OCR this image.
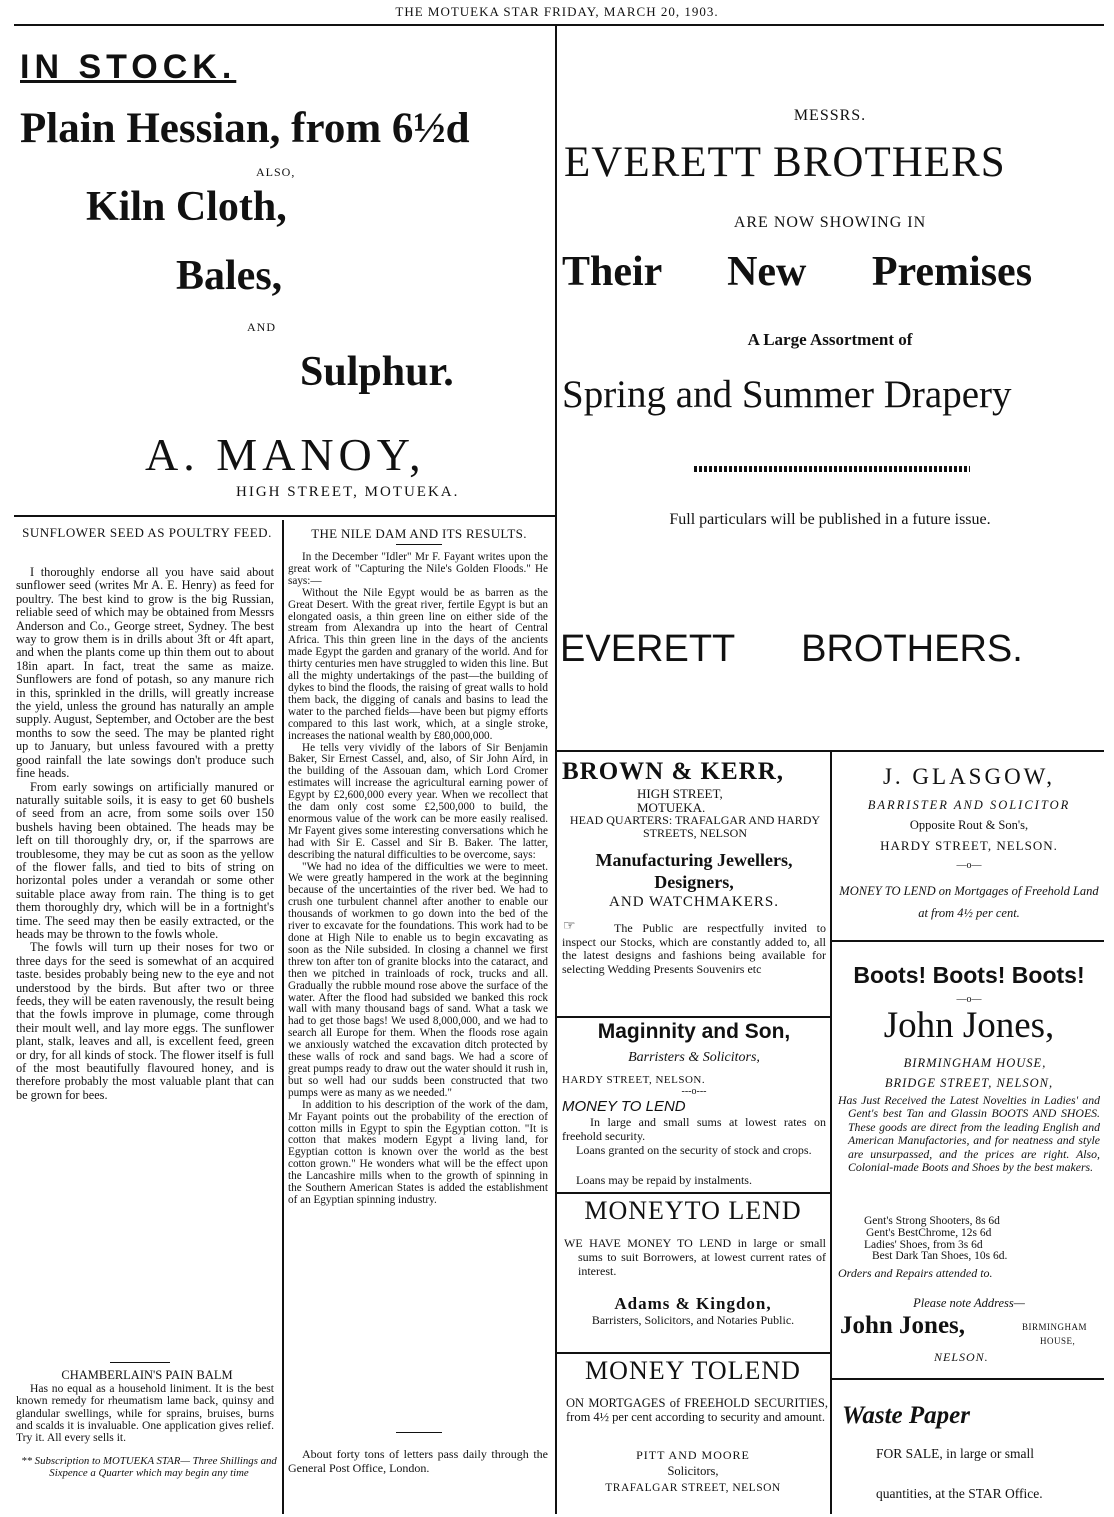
THE MOTUEKA STAR FRIDAY, MARCH 20, 1903.
IN STOCK.
Plain Hessian, from 6½d
ALSO,
Kiln Cloth,
Bales,
AND
Sulphur.
A. MANOY,
HIGH STREET, MOTUEKA.
MESSRS.
EVERETT BROTHERS
ARE NOW SHOWING IN
Their New Premises
A Large Assortment of
Spring and Summer Drapery
Full particulars will be published in a future issue.
EVERETT BROTHERS.
SUNFLOWER SEED AS POULTRY FEED.

I thoroughly endorse all you have said about sunflower seed (writes Mr A. E. Henry) as feed for poultry. The best kind to grow is the big Russian, reliable seed of which may be obtained from Messrs Anderson and Co., George street, Sydney. The best way to grow them is in drills about 3ft or 4ft apart, and when the plants come up thin them out to about 18in apart. In fact, treat the same as maize. Sunflowers are fond of potash, so any manure rich in this, sprinkled in the drills, will greatly increase the yield, unless the ground has naturally an ample supply. August, September, and October are the best months to sow the seed. The may be planted right up to January, but unless favoured with a pretty good rainfall the late sowings don't produce such fine heads.

From early sowings on artificially manured or naturally suitable soils, it is easy to get 60 bushels of seed from an acre, from some soils over 150 bushels having been obtained. The heads may be left on till thoroughly dry, or, if the sparrows are troublesome, they may be cut as soon as the yellow of the flower falls, and tied to bits of string on horizontal poles under a verandah or some other suitable place away from rain. The thing is to get them thoroughly dry, which will be in a fortnight's time. The seed may then be easily extracted, or the heads may be thrown to the fowls whole.

The fowls will turn up their noses for two or three days for the seed is somewhat of an acquired taste. besides probably being new to the eye and not understood by the birds. But after two or three feeds, they will be eaten ravenously, the result being that the fowls improve in plumage, come through their moult well, and lay more eggs. The sunflower plant, stalk, leaves and all, is excellent feed, green or dry, for all kinds of stock. The flower itself is full of the most beautifully flavoured honey, and is therefore probably the most valuable plant that can be grown for bees.

CHAMBERLAIN'S PAIN BALM

Has no equal as a household liniment. It is the best known remedy for rheumatism lame back, quinsy and glandular swellings, while for sprains, bruises, burns and scalds it is invaluable. One application gives relief. Try it. All every sells it.

** Subscription to MOTUEKA STAR— Three Shillings and Sixpence a Quarter which may begin any time
THE NILE DAM AND ITS RESULTS.

In the December "Idler" Mr F. Fayant writes upon the great work of "Capturing the Nile's Golden Floods." He says:—

Without the Nile Egypt would be as barren as the Great Desert. With the great river, fertile Egypt is but an elongated oasis, a thin green line on either side of the stream from Alexandra up into the heart of Central Africa. This thin green line in the days of the ancients made Egypt the garden and granary of the world. And for thirty centuries men have struggled to widen this line. But all the mighty undertakings of the past—the building of dykes to bind the floods, the raising of great walls to hold them back, the digging of canals and basins to lead the water to the parched fields—have been but pigmy efforts compared to this last work, which, at a single stroke, increases the national wealth by £80,000,000.

He tells very vividly of the labors of Sir Benjamin Baker, Sir Ernest Cassel, and, also, of Sir John Aird, in the building of the Assouan dam, which Lord Cromer estimates will increase the agricultural earning power of Egypt by £2,600,000 every year. When we recollect that the dam only cost some £2,500,000 to build, the enormous value of the work can be more easily realised. Mr Fayent gives some interesting conversations which he had with Sir E. Cassel and Sir B. Baker. The latter, describing the natural difficulties to be overcome, says:

"We had no idea of the difficulties we were to meet. We were greatly hampered in the work at the beginning because of the uncertainties of the river bed. We had to crush one turbulent channel after another to enable our thousands of workmen to go down into the bed of the river to excavate for the foundations. This work had to be done at High Nile to enable us to begin excavating as soon as the Nile subsided. In closing a channel we first threw ton after ton of granite blocks into the cataract, and then we pitched in trainloads of rock, trucks and all. Gradually the rubble mound rose above the surface of the water. After the flood had subsided we banked this rock wall with many thousand bags of sand. What a task we had to get those bags! We used 8,000,000, and we had to search all Europe for them. When the floods rose again we anxiously watched the excavation ditch protected by these walls of rock and sand bags. We had a score of great pumps ready to draw out the water should it rush in, but so well had our sudds been constructed that two pumps were as many as we needed."

In addition to his description of the work of the dam, Mr Fayant points out the probability of the erection of cotton mills in Egypt to spin the Egyptian cotton. "It is cotton that makes modern Egypt a living land, for Egyptian cotton is known over the world as the best cotton grown." He wonders what will be the effect upon the Lancashire mills when to the growth of spinning in the Southern American States is added the establishment of an Egyptian spinning industry.

About forty tons of letters pass daily through the General Post Office, London.

BROWN & KERR,
HIGH STREET,
MOTUEKA.
HEAD QUARTERS: TRAFALGAR AND HARDY STREETS, NELSON
Manufacturing Jewellers,
Designers,
AND WATCHMAKERS.
☞	The Public are respectfully invited to inspect our Stocks, which are constantly added to, all the latest designs and fashions being available for selecting Wedding Presents Souvenirs etc
Maginnity and Son,
Barristers & Solicitors,
HARDY STREET, NELSON.
---o---
MONEY TO LEND
In large and small sums at lowest rates on freehold security.
Loans granted on the security of stock and crops.
Loans may be repaid by instalments.
MONEYTO LEND
WE HAVE MONEY TO LEND in large or small sums to suit Borrowers, at lowest current rates of interest.
Adams & Kingdon,
Barristers, Solicitors, and Notaries Public.
MONEY TOLEND
ON MORTGAGES of FREEHOLD SECURITIES, from 4½ per cent according to security and amount.
PITT AND MOORE
Solicitors,
TRAFALGAR STREET, NELSON
J. GLASGOW,
BARRISTER AND SOLICITOR
Opposite Rout & Son's,
HARDY STREET, NELSON.
—o—
MONEY TO LEND on Mortgages of Freehold Land at from 4½ per cent.
Boots! Boots! Boots!
—o—
John Jones,
BIRMINGHAM HOUSE,
BRIDGE STREET, NELSON,
Has Just Received the Latest Novelties in Ladies' and Gent's best Tan and Glassin BOOTS AND SHOES. These goods are direct from the leading English and American Manufactories, and for neatness and style are unsurpassed, and the prices are right. Also, Colonial-made Boots and Shoes by the best makers.
Gent's Strong Shooters, 8s 6d
Gent's BestChrome, 12s 6d
Ladies' Shoes, from 3s 6d
Best Dark Tan Shoes, 10s 6d.
Orders and Repairs attended to.
Please note Address—
John Jones,	BIRMINGHAM
HOUSE,
NELSON.
Waste Paper
FOR SALE, in large or small
quantities, at the STAR Office.
